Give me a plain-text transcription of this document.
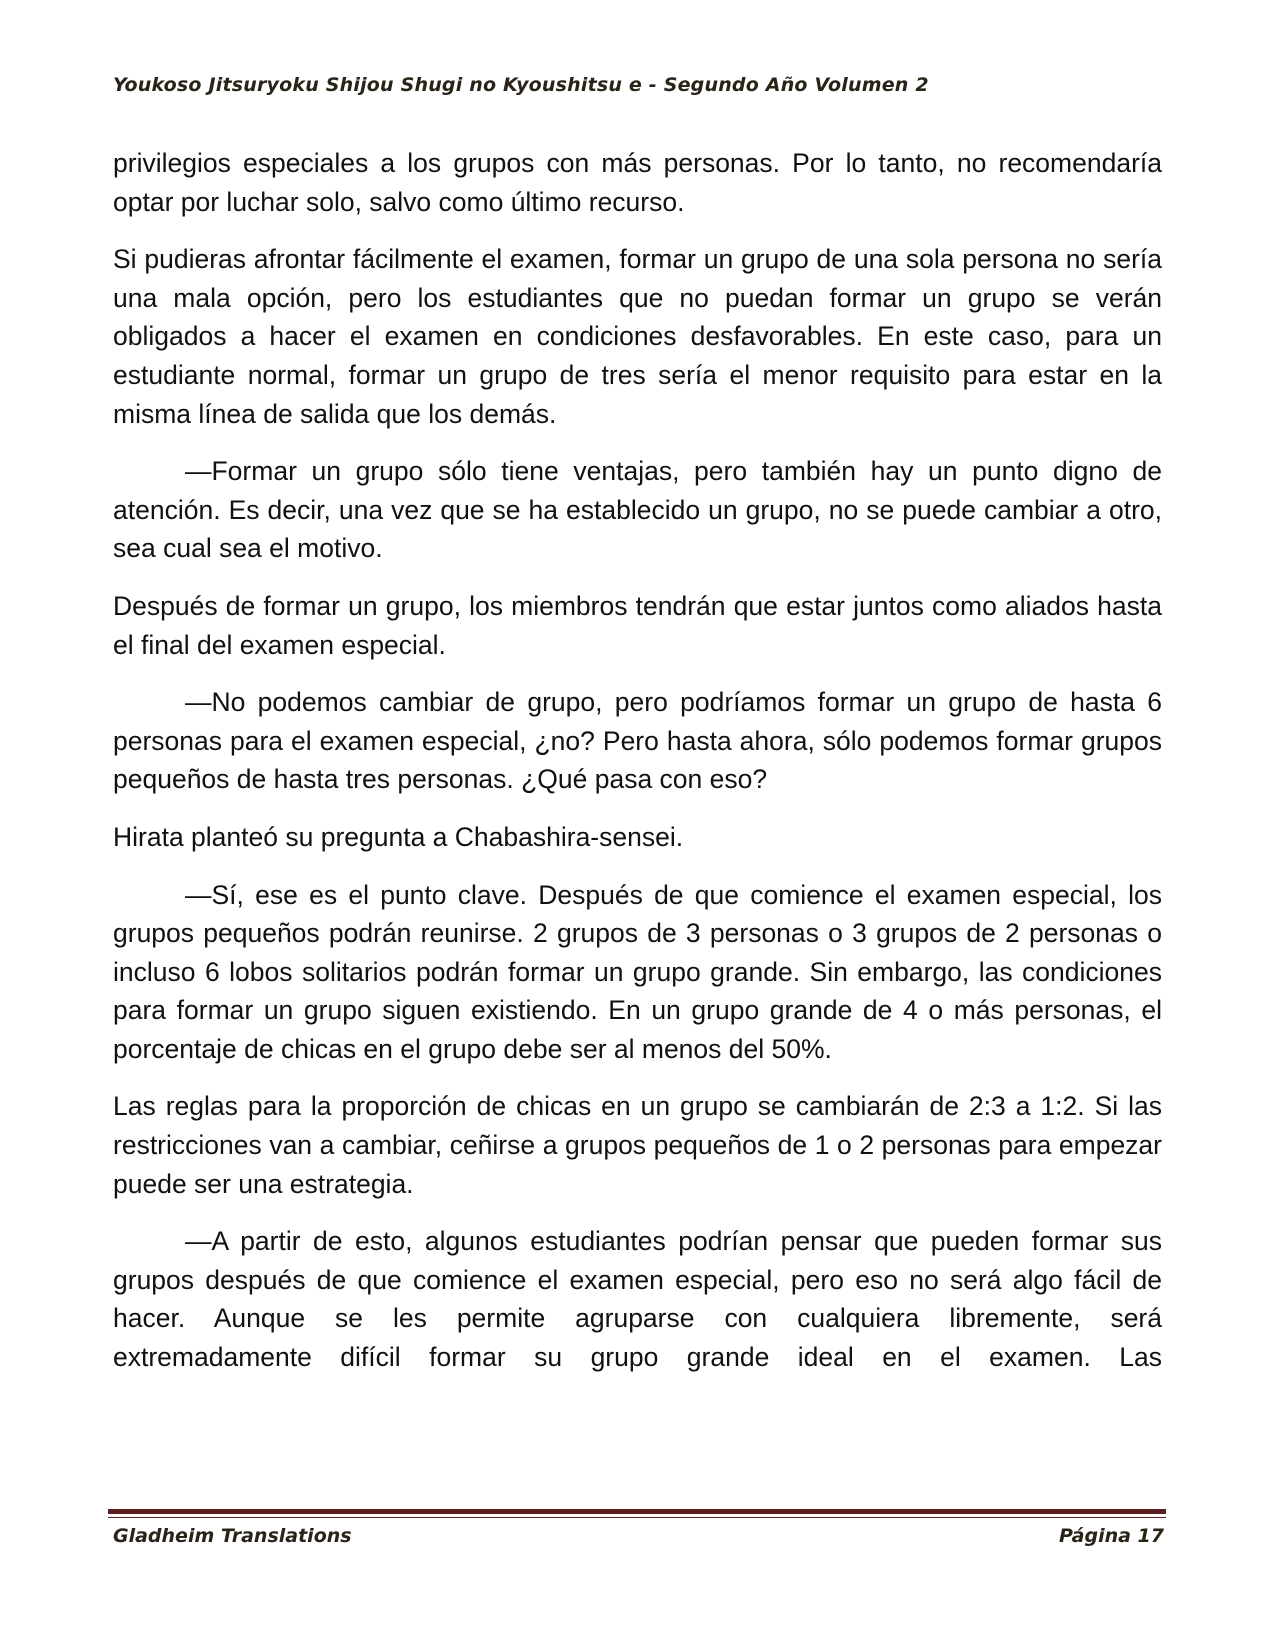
Youkoso Jitsuryoku Shijou Shugi no Kyoushitsu e - Segundo Año Volumen 2

privilegios especiales a los grupos con más personas. Por lo tanto, no recomendaría optar por luchar solo, salvo como último recurso.

Si pudieras afrontar fácilmente el examen, formar un grupo de una sola persona no sería una mala opción, pero los estudiantes que no puedan formar un grupo se verán obligados a hacer el examen en condiciones desfavorables. En este caso, para un estudiante normal, formar un grupo de tres sería el menor requisito para estar en la misma línea de salida que los demás.

—Formar un grupo sólo tiene ventajas, pero también hay un punto digno de atención. Es decir, una vez que se ha establecido un grupo, no se puede cambiar a otro, sea cual sea el motivo.

Después de formar un grupo, los miembros tendrán que estar juntos como aliados hasta el final del examen especial.

—No podemos cambiar de grupo, pero podríamos formar un grupo de hasta 6 personas para el examen especial, ¿no? Pero hasta ahora, sólo podemos formar grupos pequeños de hasta tres personas. ¿Qué pasa con eso?

Hirata planteó su pregunta a Chabashira-sensei.

—Sí, ese es el punto clave. Después de que comience el examen especial, los grupos pequeños podrán reunirse. 2 grupos de 3 personas o 3 grupos de 2 personas o incluso 6 lobos solitarios podrán formar un grupo grande. Sin embargo, las condiciones para formar un grupo siguen existiendo. En un grupo grande de 4 o más personas, el porcentaje de chicas en el grupo debe ser al menos del 50%.

Las reglas para la proporción de chicas en un grupo se cambiarán de 2:3 a 1:2. Si las restricciones van a cambiar, ceñirse a grupos pequeños de 1 o 2 personas para empezar puede ser una estrategia.

—A partir de esto, algunos estudiantes podrían pensar que pueden formar sus grupos después de que comience el examen especial, pero eso no será algo fácil de hacer. Aunque se les permite agruparse con cualquiera libremente, será extremadamente difícil formar su grupo grande ideal en el examen. Las

Gladheim Translations	Página 17
